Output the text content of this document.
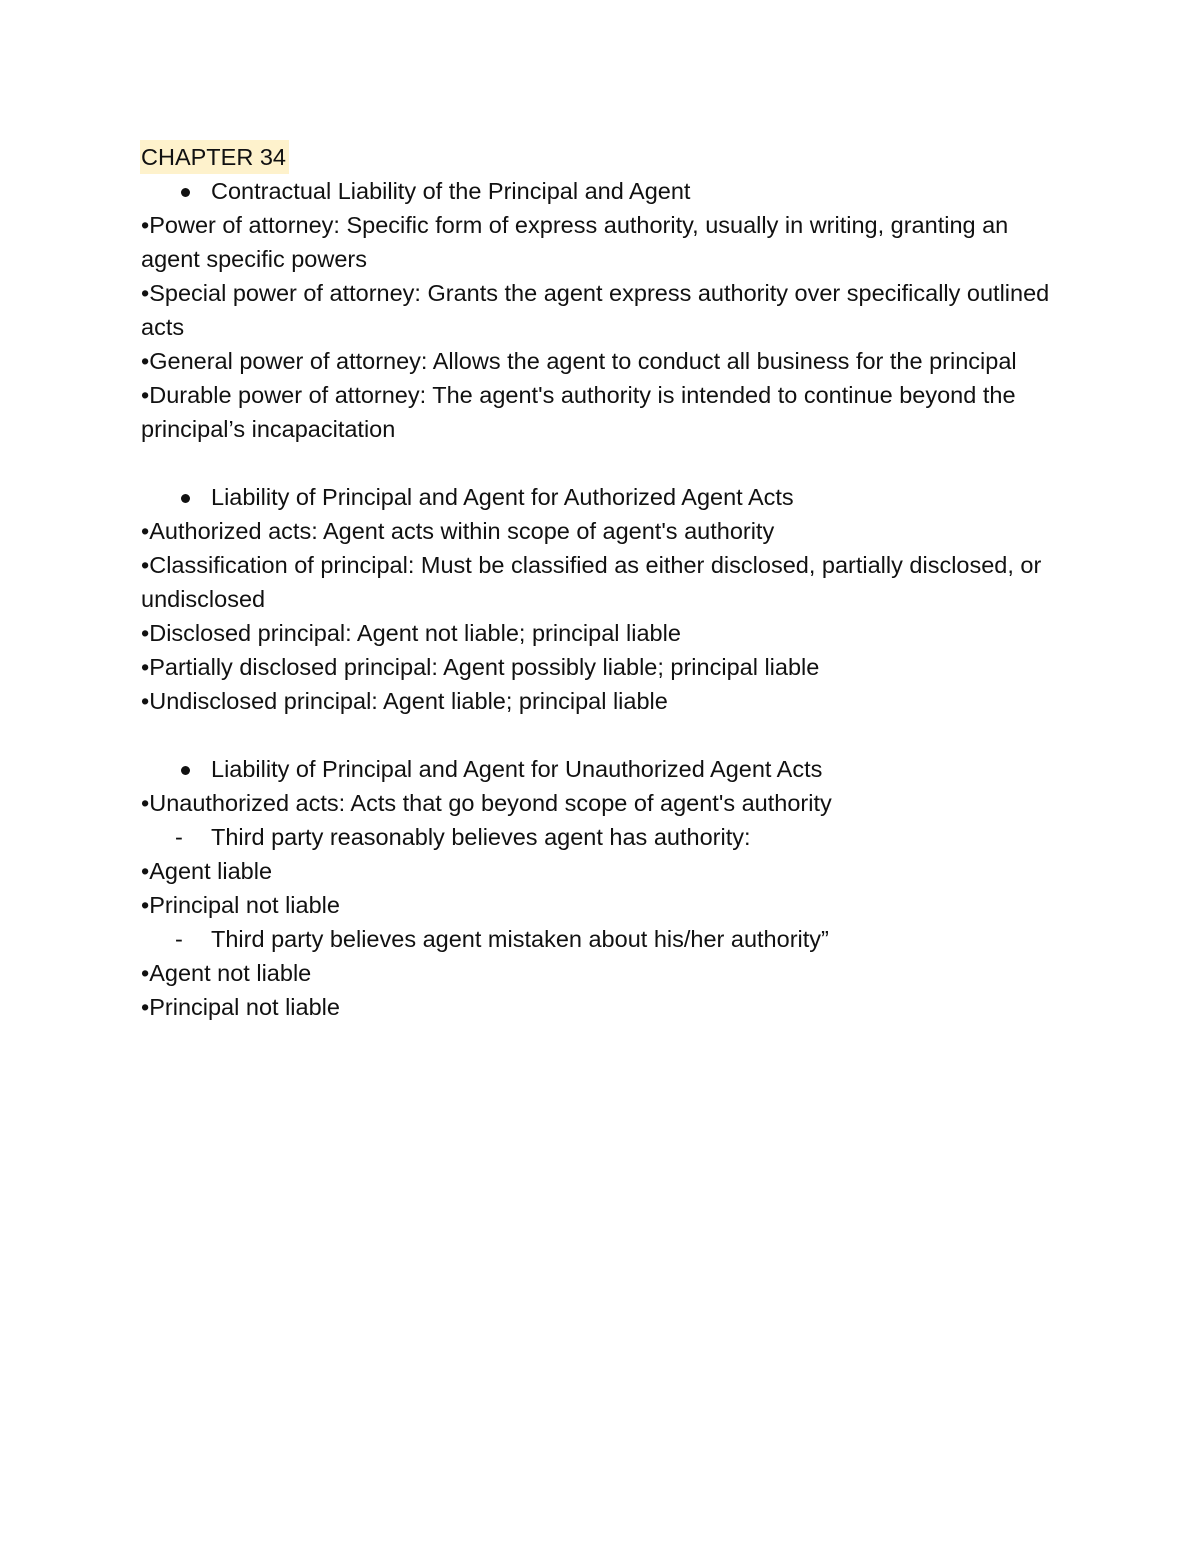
CHAPTER 34
Contractual Liability of the Principal and Agent
•Power of attorney: Specific form of express authority, usually in writing, granting an agent specific powers
•Special power of attorney: Grants the agent express authority over specifically outlined acts
•General power of attorney: Allows the agent to conduct all business for the principal
•Durable power of attorney: The agent's authority is intended to continue beyond the principal’s incapacitation
Liability of Principal and Agent for Authorized Agent Acts
•Authorized acts: Agent acts within scope of agent's authority
•Classification of principal: Must be classified as either disclosed, partially disclosed, or undisclosed
•Disclosed principal: Agent not liable; principal liable
•Partially disclosed principal: Agent possibly liable; principal liable
•Undisclosed principal: Agent liable; principal liable
Liability of Principal and Agent for Unauthorized Agent Acts
•Unauthorized acts: Acts that go beyond scope of agent's authority
- Third party reasonably believes agent has authority:
•Agent liable
•Principal not liable
- Third party believes agent mistaken about his/her authority”
•Agent not liable
•Principal not liable
